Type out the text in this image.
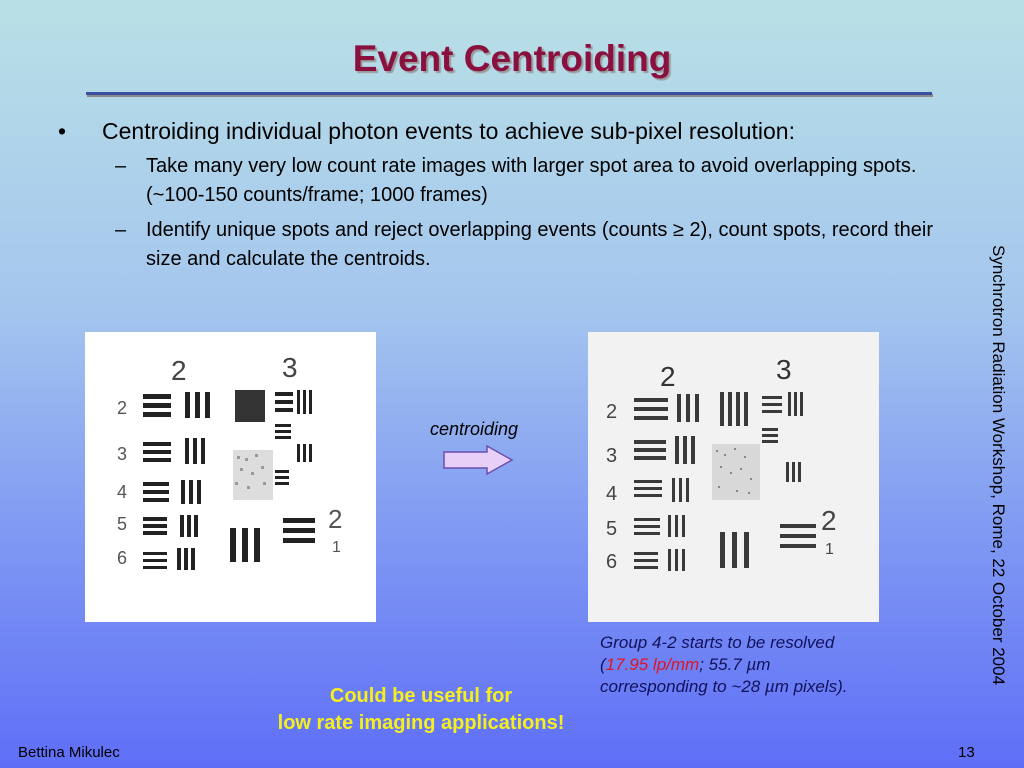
Event Centroiding
• Centroiding individual photon events to achieve sub-pixel resolution:
– Take many very low count rate images with larger spot area to avoid overlapping spots. (~100-150 counts/frame; 1000 frames)
– Identify unique spots and reject overlapping events (counts ≥ 2), count spots, record their size and calculate the centroids.	Synchrotron Radiation Workshop, Rome, 22 October 2004
2	3
2
3
4
5
6
2
1
centroiding
2	3
2
3
4
5
6
2
1
Group 4-2 starts to be resolved
(17.95 lp/mm; 55.7 µm
corresponding to ~28 µm pixels).
Could be useful for
low rate imaging applications!
Bettina Mikulec	13
